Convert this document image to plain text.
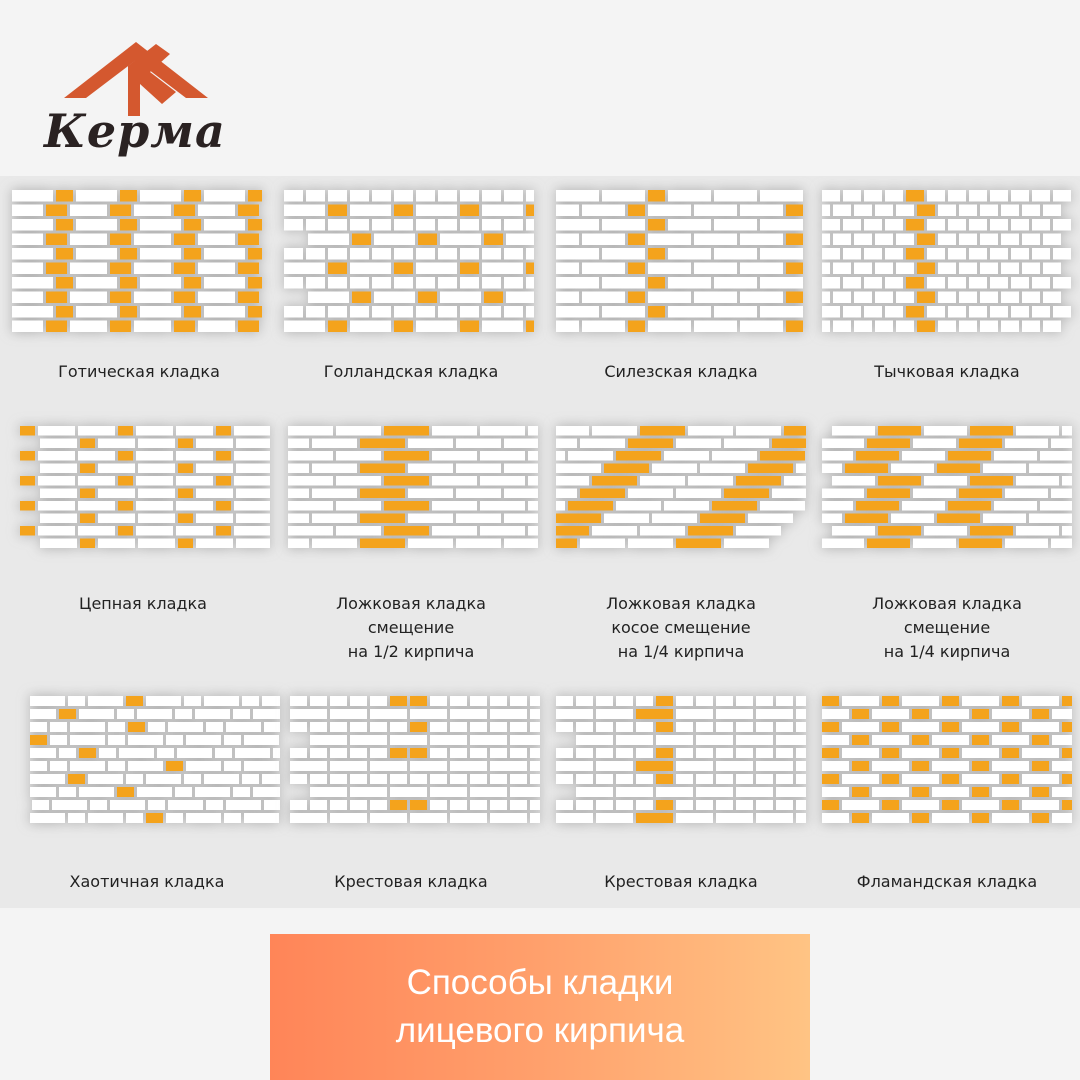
Керма
Готическая кладка	Голландская кладка	Силезская кладка	Тычковая кладка
Цепная кладка	Ложковая кладка
смещение
на 1/2 кирпича
Ложковая кладка
косое смещение
на 1/4 кирпича
Ложковая кладка
смещение
на 1/4 кирпича
Хаотичная кладка	Крестовая кладка	Крестовая кладка	Фламандская кладка
Способы кладки
лицевого кирпича
